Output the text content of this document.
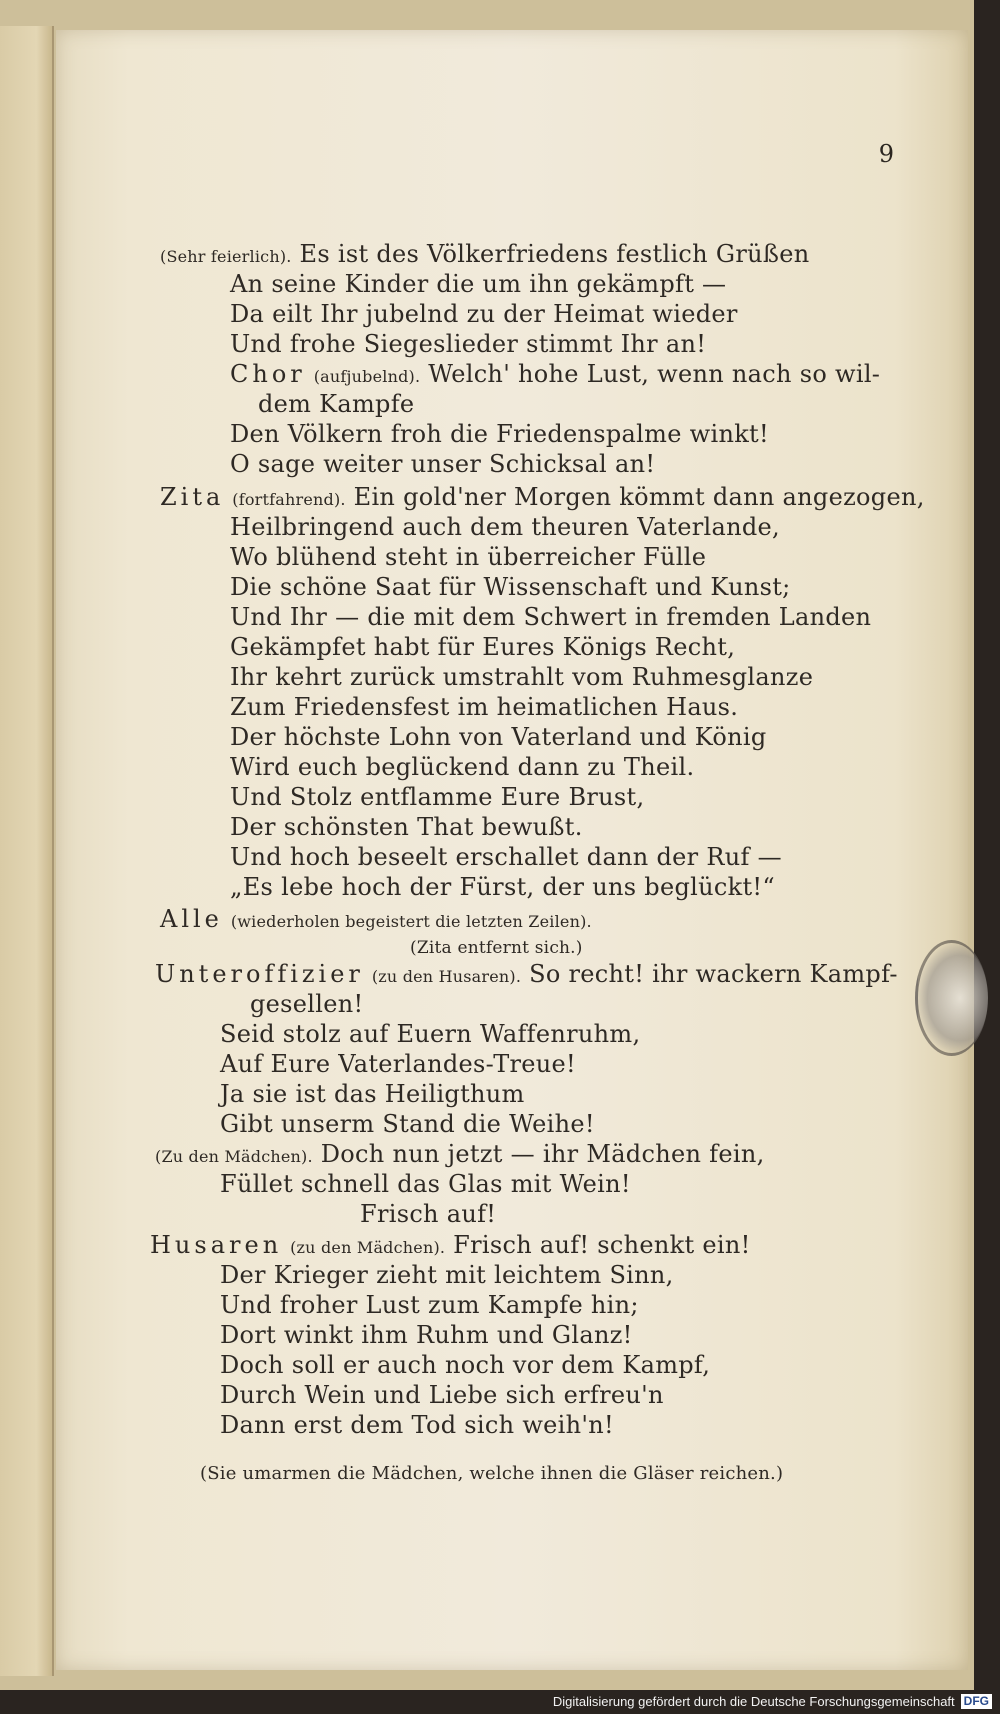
9
(Sehr feierlich). Es ist des Völkerfriedens festlich Grüßen
An seine Kinder die um ihn gekämpft —
Da eilt Ihr jubelnd zu der Heimat wieder
Und frohe Siegeslieder stimmt Ihr an!
Chor (aufjubelnd). Welch' hohe Lust, wenn nach so wil-
dem Kampfe
Den Völkern froh die Friedenspalme winkt!
O sage weiter unser Schicksal an!
Zita (fortfahrend). Ein gold'ner Morgen kömmt dann angezogen,
Heilbringend auch dem theuren Vaterlande,
Wo blühend steht in überreicher Fülle
Die schöne Saat für Wissenschaft und Kunst;
Und Ihr — die mit dem Schwert in fremden Landen
Gekämpfet habt für Eures Königs Recht,
Ihr kehrt zurück umstrahlt vom Ruhmesglanze
Zum Friedensfest im heimatlichen Haus.
Der höchste Lohn von Vaterland und König
Wird euch beglückend dann zu Theil.
Und Stolz entflamme Eure Brust,
Der schönsten That bewußt.
Und hoch beseelt erschallet dann der Ruf —
„Es lebe hoch der Fürst, der uns beglückt!“
Alle (wiederholen begeistert die letzten Zeilen).
(Zita entfernt sich.)
Unteroffizier (zu den Husaren). So recht! ihr wackern Kampf-
gesellen!
Seid stolz auf Euern Waffenruhm,
Auf Eure Vaterlandes-Treue!
Ja sie ist das Heiligthum
Gibt unserm Stand die Weihe!
(Zu den Mädchen). Doch nun jetzt — ihr Mädchen fein,
Füllet schnell das Glas mit Wein!
Frisch auf!
Husaren (zu den Mädchen). Frisch auf! schenkt ein!
Der Krieger zieht mit leichtem Sinn,
Und froher Lust zum Kampfe hin;
Dort winkt ihm Ruhm und Glanz!
Doch soll er auch noch vor dem Kampf,
Durch Wein und Liebe sich erfreu'n
Dann erst dem Tod sich weih'n!
(Sie umarmen die Mädchen, welche ihnen die Gläser reichen.)
Digitalisierung gefördert durch die Deutsche Forschungsgemeinschaft DFG
